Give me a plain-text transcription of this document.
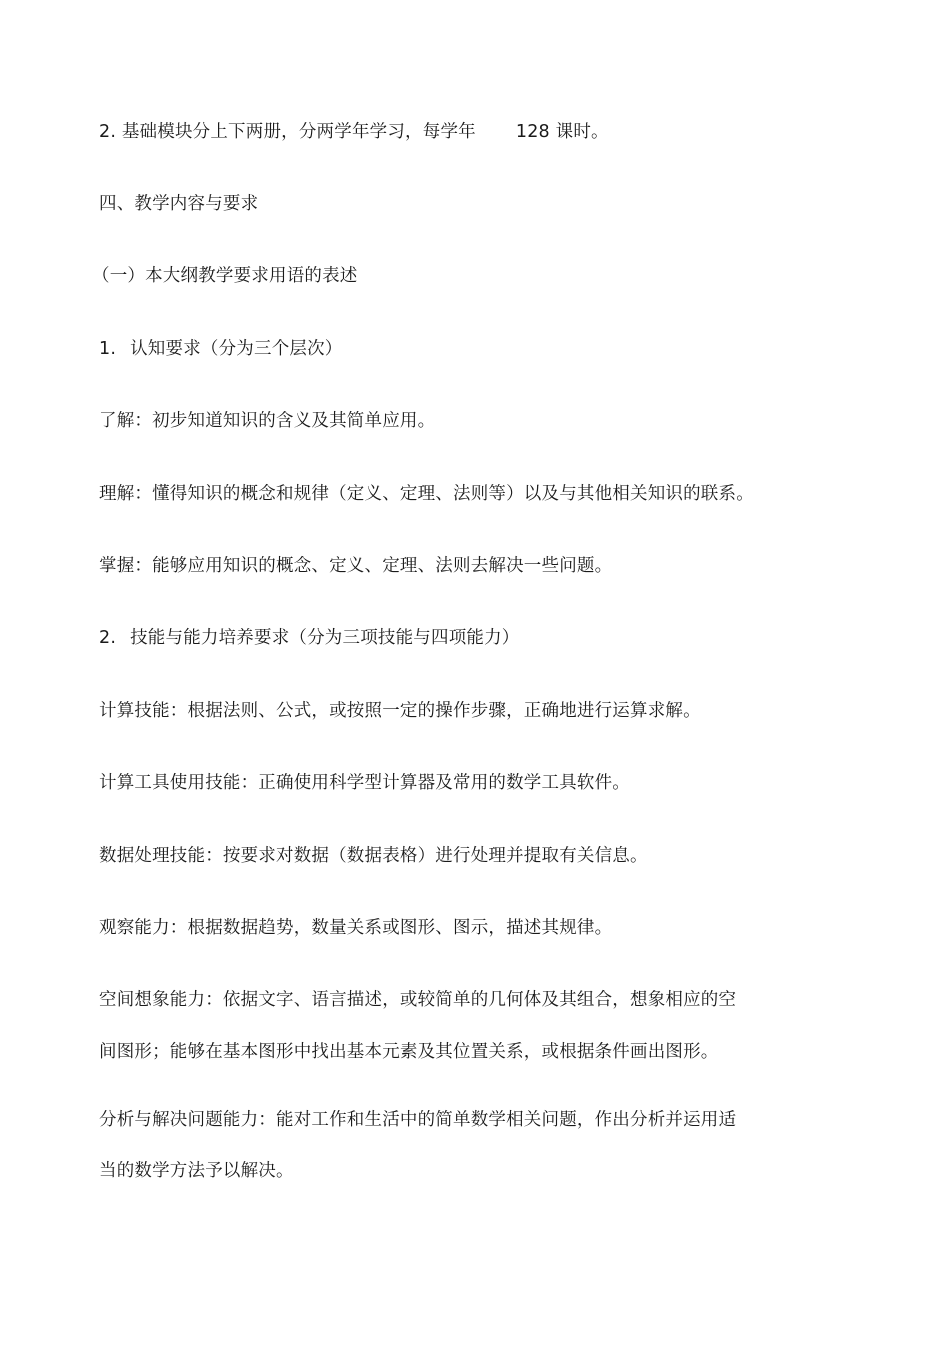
2. 基础模块分上下两册，分两学年学习，每学年 128 课时。
四、教学内容与要求
（一）本大纲教学要求用语的表述
1. 认知要求（分为三个层次）
了解：初步知道知识的含义及其简单应用。
理解：懂得知识的概念和规律（定义、定理、法则等）以及与其他相关知识的联系。
掌握：能够应用知识的概念、定义、定理、法则去解决一些问题。
2. 技能与能力培养要求（分为三项技能与四项能力）
计算技能：根据法则、公式，或按照一定的操作步骤，正确地进行运算求解。
计算工具使用技能：正确使用科学型计算器及常用的数学工具软件。
数据处理技能：按要求对数据（数据表格）进行处理并提取有关信息。
观察能力：根据数据趋势，数量关系或图形、图示，描述其规律。
空间想象能力：依据文字、语言描述，或较简单的几何体及其组合，想象相应的空
间图形；能够在基本图形中找出基本元素及其位置关系，或根据条件画出图形。
分析与解决问题能力：能对工作和生活中的简单数学相关问题，作出分析并运用适
当的数学方法予以解决。
